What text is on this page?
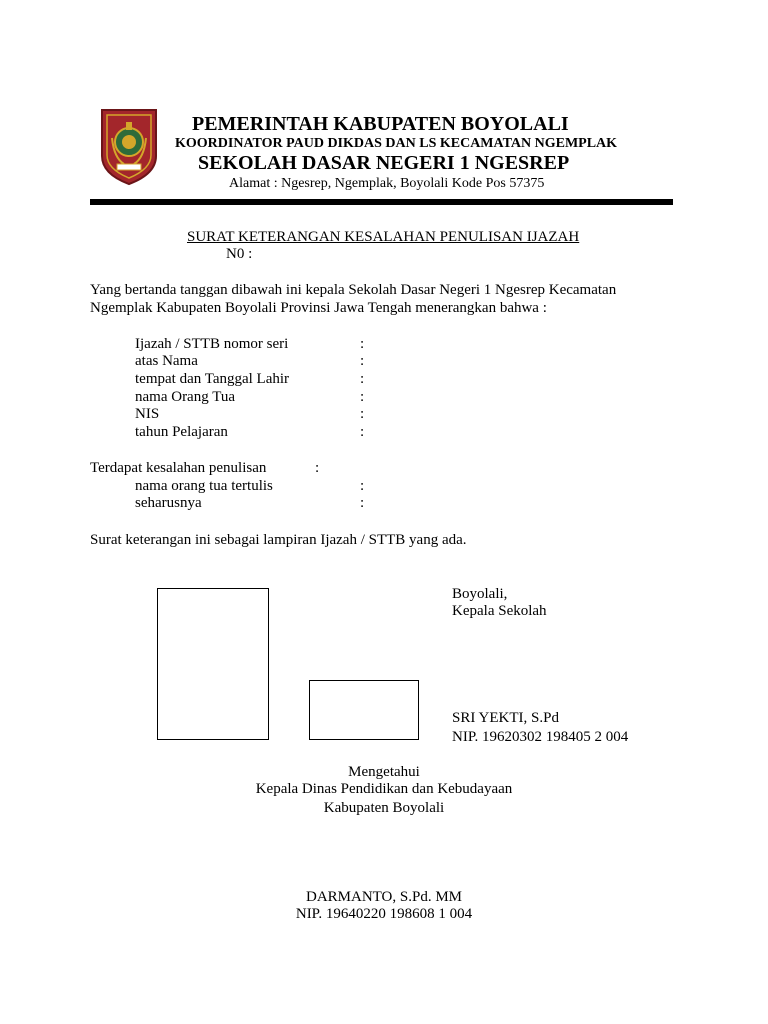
PEMERINTAH KABUPATEN BOYOLALI
KOORDINATOR PAUD DIKDAS DAN LS KECAMATAN NGEMPLAK
SEKOLAH DASAR NEGERI 1 NGESREP
Alamat : Ngesrep, Ngemplak, Boyolali Kode Pos 57375
SURAT KETERANGAN KESALAHAN PENULISAN IJAZAH
N0 :
Yang bertanda tanggan dibawah ini kepala Sekolah Dasar Negeri 1 Ngesrep Kecamatan
Ngemplak Kabupaten Boyolali Provinsi Jawa Tengah menerangkan bahwa :
Ijazah / STTB nomor seri	:
atas Nama	:
tempat dan Tanggal Lahir	:
nama Orang Tua	:
NIS	:
tahun Pelajaran	:
Terdapat kesalahan penulisan	:
nama orang tua tertulis	:
seharusnya	:
Surat keterangan ini sebagai lampiran Ijazah / STTB yang ada.
Boyolali,
Kepala Sekolah
SRI YEKTI, S.Pd
NIP. 19620302 198405 2 004
Mengetahui
Kepala Dinas Pendidikan dan Kebudayaan
Kabupaten Boyolali
DARMANTO, S.Pd. MM
NIP. 19640220 198608 1 004
